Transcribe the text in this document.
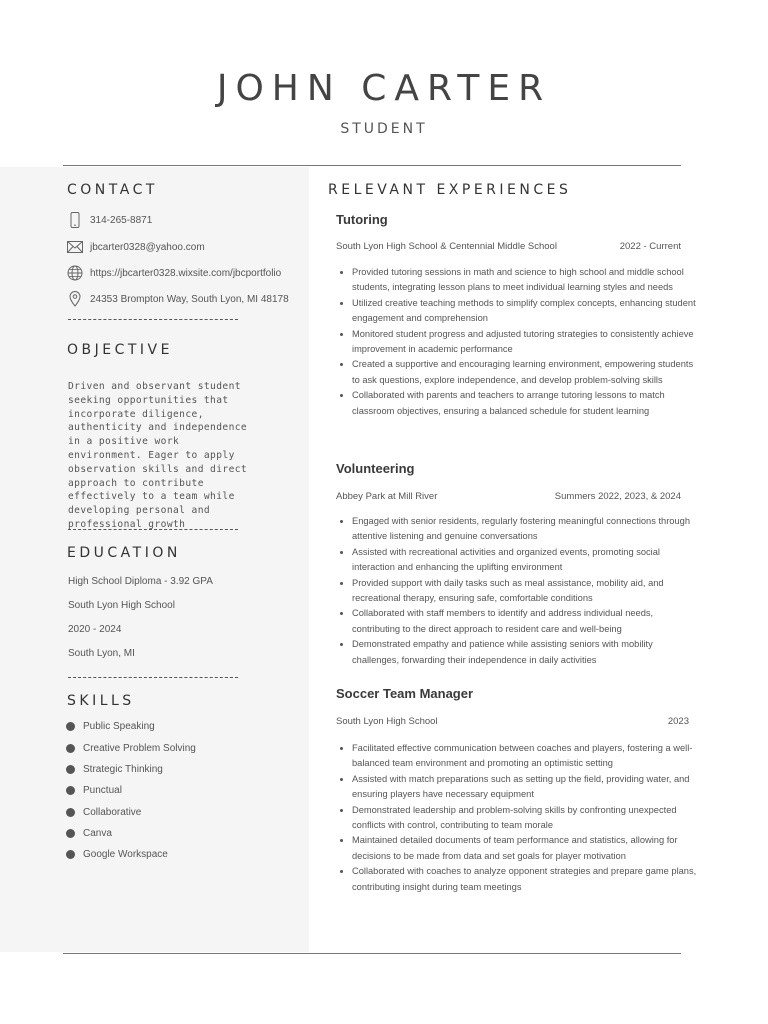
JOHN CARTER
STUDENT
CONTACT
314-265-8871
jbcarter0328@yahoo.com
https://jbcarter0328.wixsite.com/jbcportfolio
24353 Brompton Way, South Lyon, MI 48178
OBJECTIVE
Driven and observant student seeking opportunities that incorporate diligence, authenticity and independence in a positive work environment. Eager to apply observation skills and direct approach to contribute effectively to a team while developing personal and professional growth
EDUCATION
High School Diploma - 3.92 GPA
South Lyon High School
2020 - 2024
South Lyon, MI
SKILLS
Public Speaking
Creative Problem Solving
Strategic Thinking
Punctual
Collaborative
Canva
Google Workspace
RELEVANT EXPERIENCES
Tutoring
South Lyon High School & Centennial Middle School	2022 - Current
• Provided tutoring sessions in math and science to high school and middle school students, integrating lesson plans to meet individual learning styles and needs
• Utilized creative teaching methods to simplify complex concepts, enhancing student engagement and comprehension
• Monitored student progress and adjusted tutoring strategies to consistently achieve improvement in academic performance
• Created a supportive and encouraging learning environment, empowering students to ask questions, explore independence, and develop problem-solving skills
• Collaborated with parents and teachers to arrange tutoring lessons to match classroom objectives, ensuring a balanced schedule for student learning
Volunteering
Abbey Park at Mill River	Summers 2022, 2023, & 2024
• Engaged with senior residents, regularly fostering meaningful connections through attentive listening and genuine conversations
• Assisted with recreational activities and organized events, promoting social interaction and enhancing the uplifting environment
• Provided support with daily tasks such as meal assistance, mobility aid, and recreational therapy, ensuring safe, comfortable conditions
• Collaborated with staff members to identify and address individual needs, contributing to the direct approach to resident care and well-being
• Demonstrated empathy and patience while assisting seniors with mobility challenges, forwarding their independence in daily activities
Soccer Team Manager
South Lyon High School	2023
• Facilitated effective communication between coaches and players, fostering a well-balanced team environment and promoting an optimistic setting
• Assisted with match preparations such as setting up the field, providing water, and ensuring players have necessary equipment
• Demonstrated leadership and problem-solving skills by confronting unexpected conflicts with control, contributing to team morale
• Maintained detailed documents of team performance and statistics, allowing for decisions to be made from data and set goals for player motivation
• Collaborated with coaches to analyze opponent strategies and prepare game plans, contributing insight during team meetings
